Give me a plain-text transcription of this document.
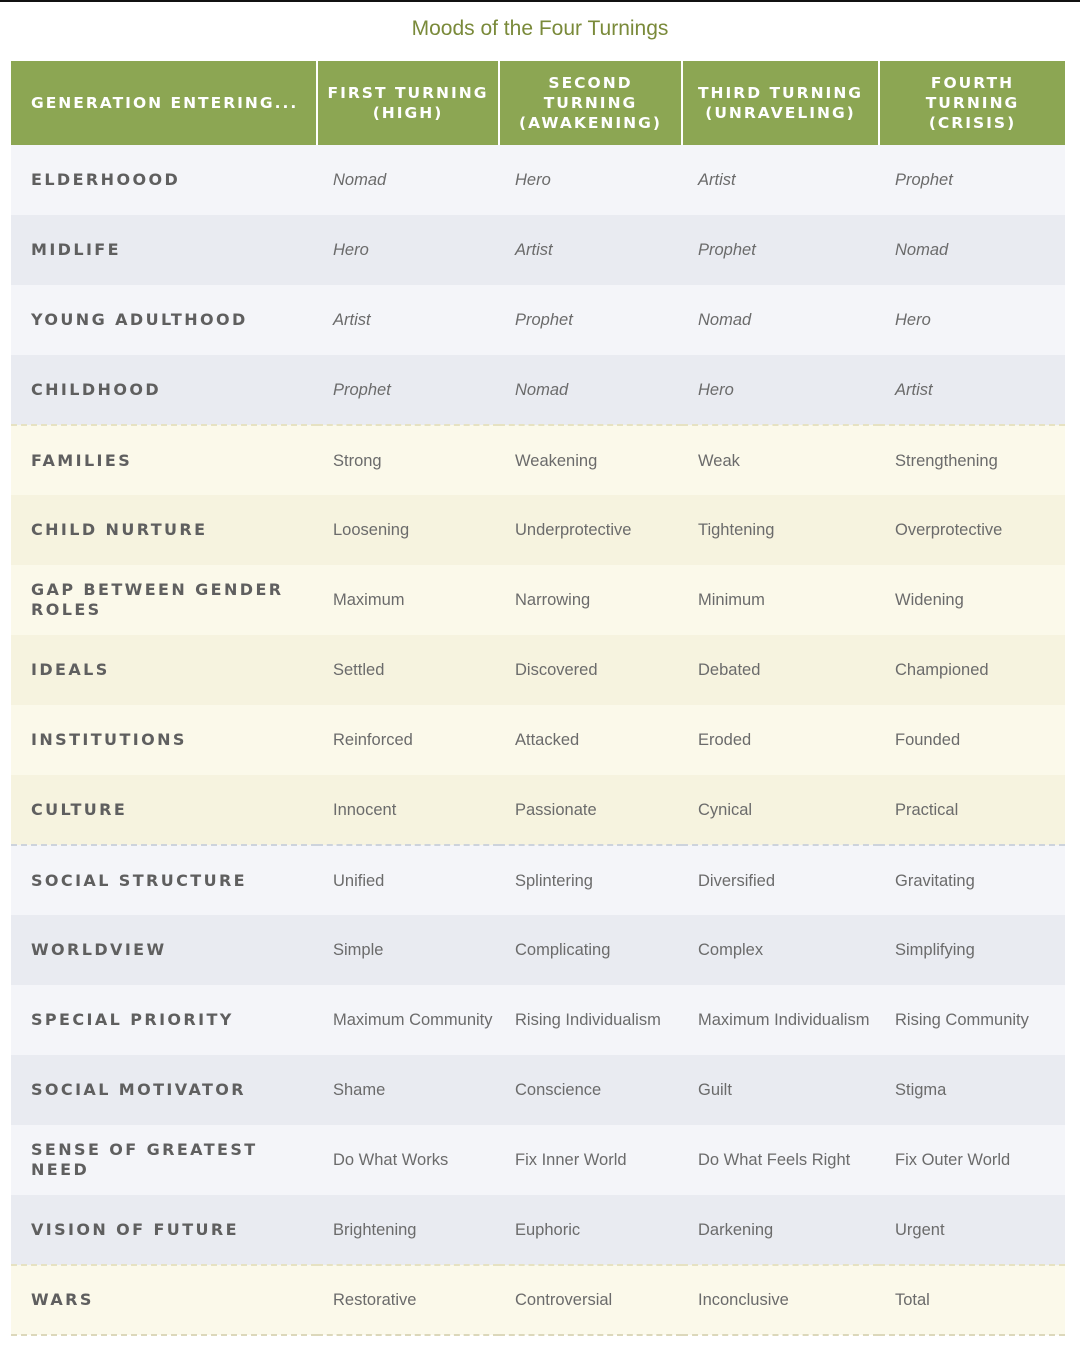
Moods of the Four Turnings
GENERATION ENTERING...	FIRST TURNING (HIGH)	SECOND TURNING (AWAKENING)	THIRD TURNING (UNRAVELING)	FOURTH TURNING (CRISIS)
ELDERHOOOD	Nomad	Hero	Artist	Prophet
MIDLIFE	Hero	Artist	Prophet	Nomad
YOUNG ADULTHOOD	Artist	Prophet	Nomad	Hero
CHILDHOOD	Prophet	Nomad	Hero	Artist
FAMILIES	Strong	Weakening	Weak	Strengthening
CHILD NURTURE	Loosening	Underprotective	Tightening	Overprotective
GAP BETWEEN GENDER ROLES	Maximum	Narrowing	Minimum	Widening
IDEALS	Settled	Discovered	Debated	Championed
INSTITUTIONS	Reinforced	Attacked	Eroded	Founded
CULTURE	Innocent	Passionate	Cynical	Practical
SOCIAL STRUCTURE	Unified	Splintering	Diversified	Gravitating
WORLDVIEW	Simple	Complicating	Complex	Simplifying
SPECIAL PRIORITY	Maximum Community	Rising Individualism	Maximum Individualism	Rising Community
SOCIAL MOTIVATOR	Shame	Conscience	Guilt	Stigma
SENSE OF GREATEST NEED	Do What Works	Fix Inner World	Do What Feels Right	Fix Outer World
VISION OF FUTURE	Brightening	Euphoric	Darkening	Urgent
WARS	Restorative	Controversial	Inconclusive	Total
